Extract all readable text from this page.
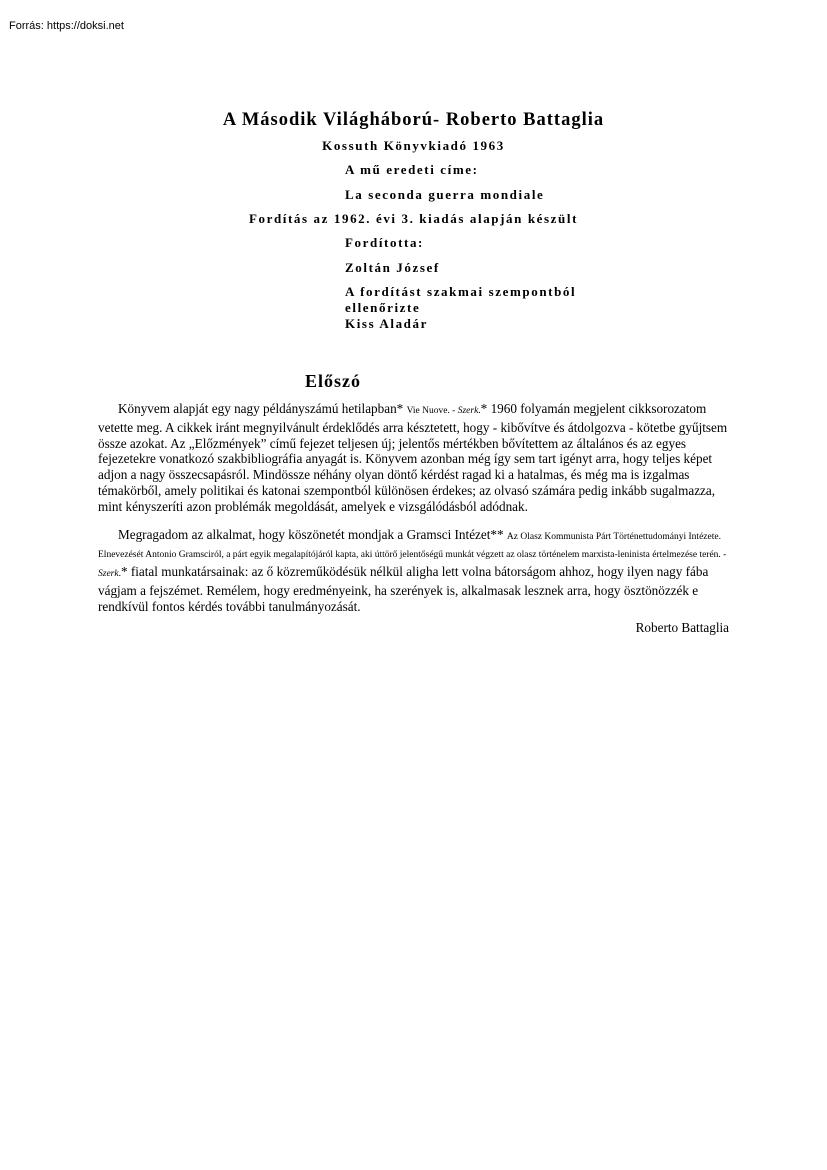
Forrás: https://doksi.net
A Második Világháború- Roberto Battaglia
Kossuth Könyvkiadó 1963
A mű eredeti címe:
La seconda guerra mondiale
Fordítás az 1962. évi 3. kiadás alapján készült
Fordította:
Zoltán József
A fordítást szakmai szempontból
ellenőrizte
Kiss Aladár
Előszó

Könyvem alapját egy nagy példányszámú hetilapban* Vie Nuove. - Szerk.* 1960 folyamán megjelent cikksorozatom vetette meg. A cikkek iránt megnyilvánult érdeklődés arra késztetett, hogy - kibővítve és átdolgozva - kötetbe gyűjtsem össze azokat. Az „Előzmények” című fejezet teljesen új; jelentős mértékben bővítettem az általános és az egyes fejezetekre vonatkozó szakbibliográfia anyagát is. Könyvem azonban még így sem tart igényt arra, hogy teljes képet adjon a nagy összecsapásról. Mindössze néhány olyan döntő kérdést ragad ki a hatalmas, és még ma is izgalmas témakörből, amely politikai és katonai szempontból különösen érdekes; az olvasó számára pedig inkább sugalmazza, mint kényszeríti azon problémák megoldását, amelyek e vizsgálódásból adódnak.

Megragadom az alkalmat, hogy köszönetét mondjak a Gramsci Intézet** Az Olasz Kommunista Párt Történettudományi Intézete. Elnevezését Antonio Gramsciról, a párt egyik megalapítójáról kapta, aki úttörő jelentőségű munkát végzett az olasz történelem marxista-leninista értelmezése terén. - Szerk.* fiatal munkatársainak: az ő közreműködésük nélkül aligha lett volna bátorságom ahhoz, hogy ilyen nagy fába vágjam a fejszémet. Remélem, hogy eredményeink, ha szerények is, alkalmasak lesznek arra, hogy ösztönözzék e rendkívül fontos kérdés további tanulmányozását.

Roberto Battaglia
